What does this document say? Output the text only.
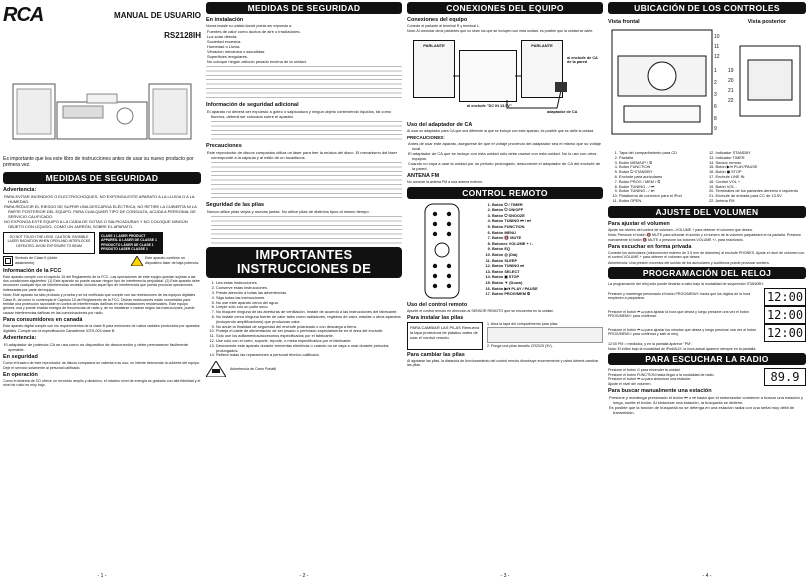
RCA	MANUAL DE USUARIO
RS2128IH
Es importante que lea este libro de instrucciones antes de usar su nuevo producto por primera vez.
MEDIDAS DE SEGURIDAD
Advertencia:
PARA EVITAR INCENDIOS O ELECTROCHOQUES, NO EXPONGA ESTE APARATO A LA LLUVIA O A LA HUMEDAD.
PARA REDUCIR EL RIESGO DE SUFRIR UNA DESCARGA ELÉCTRICA, NO RETIRE LA CUBIERTA NI LA PARTE POSTERIOR DEL EQUIPO. PARA CUALQUIER TIPO DE CONSULTA, ACUDA A PERSONAL DE SERVICIO CALIFICADO.
NO EXPONGA ESTE EQUIPO A LA CAÍDA DE GOTAS O SALPICADURAS Y NO COLOQUE NINGÚN OBJETO CON LÍQUIDO, COMO UN JARRÓN, SOBRE EL APARATO.
DO NOT TOUCH THE LENS. CAUTION: INVISIBLE LASER RADIATION WHEN OPEN AND INTERLOCKS DEFEATED. AVOID EXPOSURE TO BEAM
CLASE 1 LASER PRODUCT APPAREIL À LASER DE CLASSE 1 PRODUCTO LÁSER DE CLASE 1 PRODUTO LASER CLASSE 1
Símbolo de Clase II (doble aislamiento)
Este aparato contiene un dispositivo láser de baja potencia.
Información de la FCC
Este aparato cumple con el capítulo 15 del Reglamento de la FCC. Las operaciones de este equipo quedan sujetas a las dos condiciones siguientes: (1) Este aparato no puede causar ningún tipo de interferencia perjudicial. (2) Este aparato debe reconocer cualquier tipo de interferencias recibida, incluido aquel tipo de interferencia que pueda provocar operaciones indeseadas por parte del equipo.
Nota: Este aparato ha sido probado y prueba y se ha verificado que cumple con las restricciones de los equipos digitales Clase B, tal como lo contempla el Capítulo 15 del Reglamento de la FCC. Dichas restricciones están concebidas para brindar una protección razonable en contra de interferencias dañinas en las instalaciones residenciales. Este equipo genera, usa y puede irradiar energía de frecuencias de radio y, de no instalarse o usarse según las instrucciones, puede causar interferencias dañinas en las comunicaciones por radio.
Para consumidores en canadá
Este aparato digital cumple con los requerimientos de la clase B para emisiones de ruidos radiales producidos por aparatos digitales. Cumple con la especificación Canadiense ICES-003 clase B.
Advertencia:
El adaptador de potencia CA se usa como un dispositivo de desconexión y debe permanecer fácilmente operable.
En seguridad
Como el trasero de este reproductor de discos compactos se calienta a su uso, no intente desmontar la cubierta del equipo. Deje el servicio solamente al personal calificado.
En operación
Como el sistema de CD ofrece un recorrido amplio y dinámico, el máximo nivel de energía es grabado con alta fidelidad y el nivel de ruido es muy bajo.
- 1 -
MEDIDAS DE SEGURIDAD
En instalación
Nunca instale su unidad donde pueda ser expuesta a:
Fuentes de calor como ductos de aire o irradiadores.
Luz solar directa.
Suciedad excesiva.
Humedad o Lluvia.
Vibración mecánica o sacudidas.
Superficies irregulares.
No coloque ningún artículo pesado encima de la unidad.
Información de seguridad adicional
El aparato no deberá ser expuesto a goteo o salpicadura y ningún objeto conteniendo líquidos, tal como floreros, deberá ser colocado sobre el aparato.
Precauciones
Este reproductor de discos compactos utiliza un láser para leer la música del disco. El mecanismo del láser corresponde a la cápsula y al estilo de un tocadiscos.
Seguridad de las pilas
Nunca utilice pilas viejas y nuevas juntas. No utilice pilas de distintos tipos al mismo tiempo.
IMPORTANTES INSTRUCCIONES DE SEGURIDAD
1. Lea estas instrucciones.
2. Conserve estas instrucciones.
3. Preste atención a todas las advertencias.
4. Siga todas las instrucciones.
5. No use este aparato cerca del agua.
6. Limpie sólo con un paño seco.
7. No bloquee ninguna de las aberturas de ventilación. Instale de acuerdo a las instrucciones del fabricante.
8. No instale cerca ninguna fuente de calor tales como radiadores, registros de calor, estufas u otros aparatos (incluyendo amplificadores) que produzcan calor.
9. No anule la finalidad de seguridad del enchufe polarizado o con descarga a tierra.
10. Proteja el cable de alimentación de ser pisado o perforado especialmente en el área del enchufe.
11. Sólo use los aditamentos/accesorios especificados por el fabricante.
12. Use sólo con el carro, soporte, trípode, o mesa especificados por el fabricante.
13. Desconecte este aparato durante tormentas eléctricas o cuando no se vaya a usar durante periodos prolongados.
14. Refiera todas las reparaciones a personal técnico calificado.
Advertencia de Carro Portátil
- 2 -
CONEXIONES DEL EQUIPO
Conexiones del equipo
Conecte el parlante al terminal R y terminal L.
Nota: Al conectar otros parlantes que no sean los que se incluyen con esta unidad, es posible que la unidad se dañe.
PARLANTE	PARLANTE
al enchufe de CA de la pared
al enchufe "DC IN 13.5V"
adaptador de CA
Uso del adaptador de CA
Al usar un adaptador para CA que sea diferente al que se incluye con este aparato, es posible que se dañe la unidad.
PRECAUCIONES:
Antes de usar este aparato, asegúrese de que el voltaje provendo del adaptador sea el mismo que su voltaje local.
El adaptador de CA que se incluye con esta unidad sólo debe usarse con esta unidad. No lo use con otros equipos.
Cuando no vaya a usar la unidad por un periodo prolongado, desconecte el adaptador de CA del enchufe de la pared.
ANTENA FM
No conecte la antena FM a una antena exterior.
CONTROL REMOTO
1. Botón ⏻ / TIMER
2. Botón ⏻ ON/OFF
3. Botón ⏻ SNOOZE
4. Botón TUNING ⏮ / ⏭
5. Botón FUNCTION
6. Botón MENU
7. Botón 🔇 MUTE
8. Botones VOLUME + / -
9. Botón EQ
10. Botón ◎ (Día)
11. Botón SLEEP
12. Botón TUNING ⏭
13. Botón SELECT
14. Botón ◼ STOP
15. Botón ▼ (Down)
16. Botón ▶/⏸ PLAY / PAUSE
17. Botón PROG/MEM ⏲
Uso del control remoto
Apunte el control remoto en dirección al SENSOR REMOTO que se encuentra en la unidad.
Para instalar las pilas
PARA CAMBIAR LAS PILAS Remueva la tapa protectora de plástico antes de usar el control remoto.
1. Abra la tapa del compartimento para pilas.
2. Ponga una pilas tamaño CR2025 (3V).
Para cambiar las pilas
Al agotarse las pilas, la distancia de funcionamiento del control remoto disminuye enormemente y usted deberá cambiar las pilas.
- 3 -
UBICACIÓN DE LOS CONTROLES
Vista frontal	Vista posterior
10
11
12
1
2
3
6
8
9
19
20
21
22
1. Tapa del compartimiento para CD
2. Pantalla
3. Botón MEM/UP / ⏲
4. Botón FUNCTION
5. Botón ⏻ STANDBY
6. Enchufe para auriculares
7. Botón PROG / MEM / ⏲
8. Botón TUNING - / ⏮
9. Botón TUNING - / ⏭
10. Plataforma de conexión para el iPod
11. Botón OPEN
12. Indicador STANDBY
13. Indicador TIMER
14. Sensor remoto
15. Botón ▶/⏸ PLAY/PAUSE
16. Botón ◼ STOP
17. Enchufe LINE IN
18. Control VOL +
19. Botón VOL -
20. Terminales de los parlantes derecho e izquierdo
21. Enchufe de entrada para CC de 13.5V
22. Antena FM
AJUSTE DEL VOLUMEN
Para ajustar el volumen
Ajuste los niveles del control de volumen –VOLUME + para obtener el volumen que desea.
Nota: Presione el botón 🔇 MUTE para silenciar el sonido y el número de la volumen parpadeará en la pantalla. Presione nuevamente el botón 🔇 MUTE o presione los botones VOLUME +/- para reactivarlo.
Para escuchar en forma privada
Conecte los auriculares (miniconector estéreo de 3.5 mm de diámetro) al enchufe PHONES. Ajuste el nivel de volumen con el control VOLUME + para obtener el volumen que desea.
Advertencia: Una presión excesiva del sonido de los auriculares y audífonos puede provocar sordera.
PROGRAMACIÓN DEL RELOJ
La programación del reloj sólo puede llevarse a cabo bajo la modalidad de suspensión STANDBY.
Presione y mantenga presionado el botón PROG/MEM/⏲ hasta que los dígitos de la hora empiecen a parpadear.	12:00
Presione el botón ⏮ ⏭ para ajustar la hora que desea y luego presione una vez el botón PROG/MEM/⏲ para confirmar.	12:00
Presione el botón ⏮ ⏭ para ajustar los minutos que desea y luego presione una vez el botón PROG/MEM/⏲ para confirmar y salir al reloj.	12:00
12:00 PM = mediodía, y en la pantalla aparece "PM".
Nota: El editor bajo la modalidad de iPod/AUX, la hora actual aparece siempre en la pantalla.
PARA ESCUCHAR LA RADIO
Presione el botón ⏻ para encender la unidad.
Presione el botón FUNCTION hasta llegar a la modalidad de radio.
Presione el botón ⏮ ⏭ para sintonizar una estación.
Ajuste el nivel del volumen.	89.9
Para buscar manualmente una estación
Presione y mantenga presionado el botón ⏮ o ⏭ hasta que el sintonizador comience a buscar una estación y luego, suelte el botón. Al sintonizar una estación, la búsqueda se detiene.
Es posible que la función de búsqueda no se detenga en una estación radial con una señal muy débil de transmisión.
- 4 -
